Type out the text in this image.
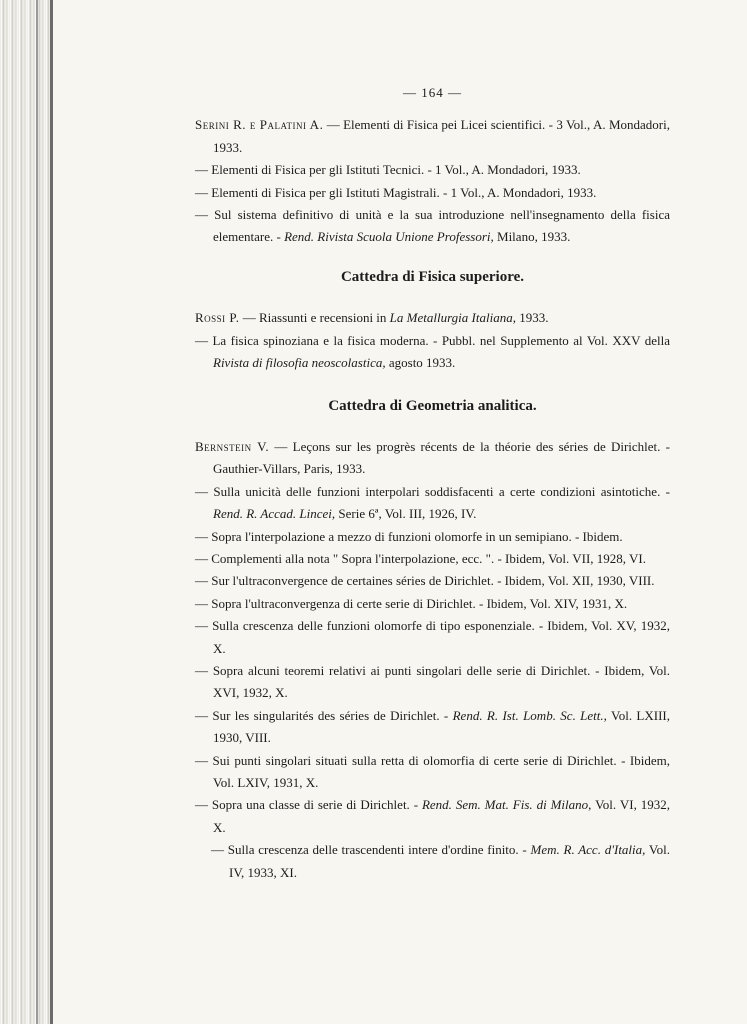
— 164 —
Serini R. e Palatini A. — Elementi di Fisica pei Licei scientifici. - 3 Vol., A. Mondadori, 1933.
— Elementi di Fisica per gli Istituti Tecnici. - 1 Vol., A. Mondadori, 1933.
— Elementi di Fisica per gli Istituti Magistrali. - 1 Vol., A. Mondadori, 1933.
— Sul sistema definitivo di unità e la sua introduzione nell'insegnamento della fisica elementare. - Rend. Rivista Scuola Unione Professori, Milano, 1933.
Cattedra di Fisica superiore.
Rossi P. — Riassunti e recensioni in La Metallurgia Italiana, 1933.
— La fisica spinoziana e la fisica moderna. - Pubbl. nel Supplemento al Vol. XXV della Rivista di filosofia neoscolastica, agosto 1933.
Cattedra di Geometria analitica.
Bernstein V. — Leçons sur les progrès récents de la théorie des séries de Dirichlet. - Gauthier-Villars, Paris, 1933.
— Sulla unicità delle funzioni interpolari soddisfacenti a certe condizioni asintotiche. - Rend. R. Accad. Lincei, Serie 6ª, Vol. III, 1926, IV.
— Sopra l'interpolazione a mezzo di funzioni olomorfe in un semipiano. - Ibidem.
— Complementi alla nota " Sopra l'interpolazione, ecc. ". - Ibidem, Vol. VII, 1928, VI.
— Sur l'ultraconvergence de certaines séries de Dirichlet. - Ibidem, Vol. XII, 1930, VIII.
— Sopra l'ultraconvergenza di certe serie di Dirichlet. - Ibidem, Vol. XIV, 1931, X.
— Sulla crescenza delle funzioni olomorfe di tipo esponenziale. - Ibidem, Vol. XV, 1932, X.
— Sopra alcuni teoremi relativi ai punti singolari delle serie di Dirichlet. - Ibidem, Vol. XVI, 1932, X.
— Sur les singularités des séries de Dirichlet. - Rend. R. Ist. Lomb. Sc. Lett., Vol. LXIII, 1930, VIII.
— Sui punti singolari situati sulla retta di olomorfia di certe serie di Dirichlet. - Ibidem, Vol. LXIV, 1931, X.
— Sopra una classe di serie di Dirichlet. - Rend. Sem. Mat. Fis. di Milano, Vol. VI, 1932, X.
— Sulla crescenza delle trascendenti intere d'ordine finito. - Mem. R. Acc. d'Italia, Vol. IV, 1933, XI.
